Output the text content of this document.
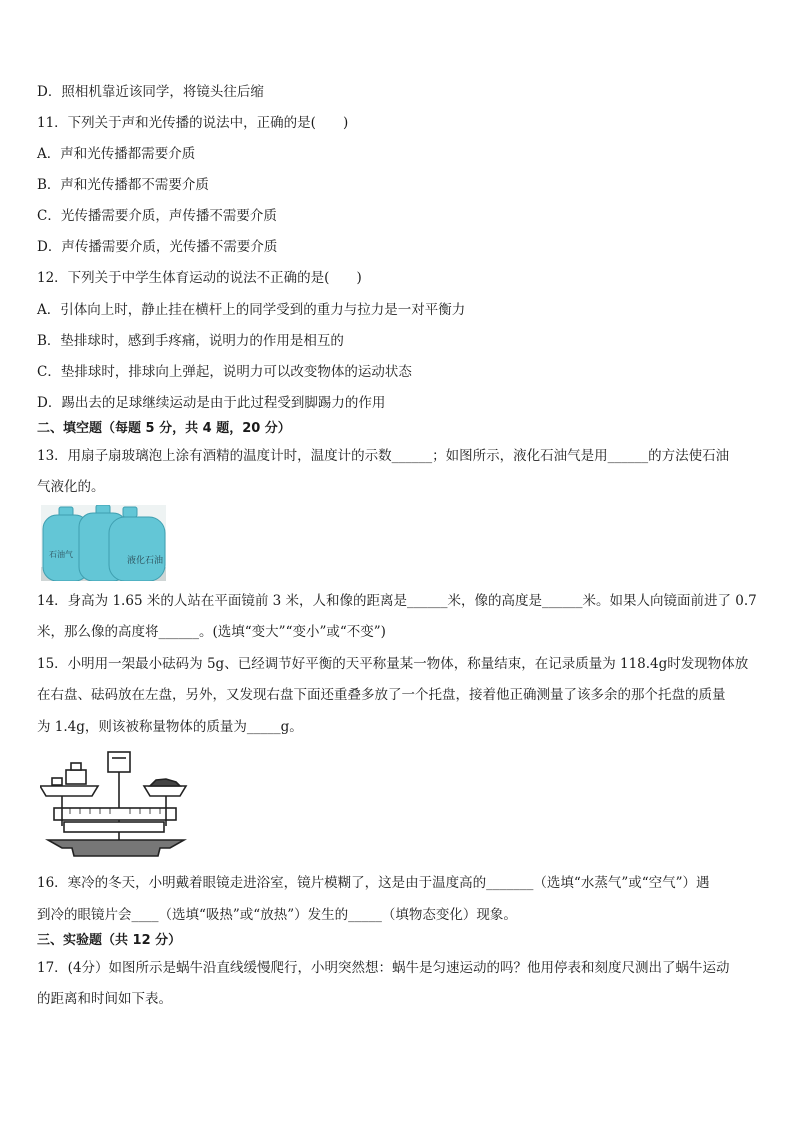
D．照相机靠近该同学，将镜头往后缩
11．下列关于声和光传播的说法中，正确的是(　　)
A．声和光传播都需要介质
B．声和光传播都不需要介质
C．光传播需要介质，声传播不需要介质
D．声传播需要介质，光传播不需要介质
12．下列关于中学生体育运动的说法不正确的是(　　)
A．引体向上时，静止挂在横杆上的同学受到的重力与拉力是一对平衡力
B．垫排球时，感到手疼痛，说明力的作用是相互的
C．垫排球时，排球向上弹起，说明力可以改变物体的运动状态
D．踢出去的足球继续运动是由于此过程受到脚踢力的作用
二、填空题（每题 5 分，共 4 题，20 分）
13．用扇子扇玻璃泡上涂有酒精的温度计时，温度计的示数______；如图所示，液化石油气是用______的方法使石油
气液化的。
石油气
液化石油
14．身高为 1.65 米的人站在平面镜前 3 米，人和像的距离是______米，像的高度是______米。如果人向镜面前进了 0.7
米，那么像的高度将______。(选填“变大”“变小”或“不变”)
15．小明用一架最小砝码为 5g、已经调节好平衡的天平称量某一物体，称量结束，在记录质量为 118.4g时发现物体放
在右盘、砝码放在左盘，另外，又发现右盘下面还重叠多放了一个托盘，接着他正确测量了该多余的那个托盘的质量
为 1.4g，则该被称量物体的质量为_____g。
16．寒冷的冬天，小明戴着眼镜走进浴室，镜片模糊了，这是由于温度高的_______（选填“水蒸气”或“空气”）遇
到冷的眼镜片会____（选填“吸热”或“放热”）发生的_____（填物态变化）现象。
三、实验题（共 12 分）
17．(4分）如图所示是蜗牛沿直线缓慢爬行，小明突然想：蜗牛是匀速运动的吗？他用停表和刻度尺测出了蜗牛运动
的距离和时间如下表。
